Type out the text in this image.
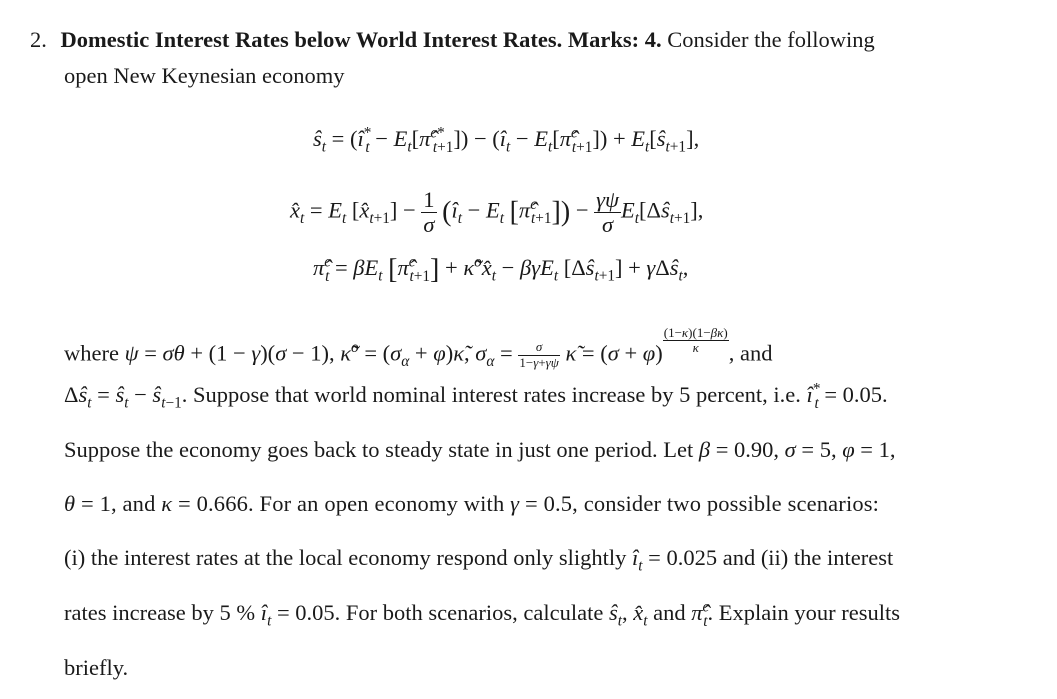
2. Domestic Interest Rates below World Interest Rates. Marks: 4. Consider the following
open New Keynesian economy
$ŝ_t$ = ($î^*_t$ − $E_t[\pî^{c*}_{t+1}]$) − ($î_t$ − $E_t[\pî^c_{t+1}]$) + $E_t[ŝ_{t+1}]$,
$x̂_t = E_t$ $[x̂_{t+1}] - \frac{1}{\sigma}$ ($î_t - E_t$ [π̂$^c_{t+1}$]) − $\frac{\gamma\psi}{\sigma}$ $E_t[\Delta ŝ_{t+1}]$,
π̂$^c_t$ = $\beta E_t$ [π̂$^c_{t+1}$] + $\kappã̃^ox̂_t - \beta\gamma E_t$ $[\Delta ŝ_{t+1}]$ + γΔŝ$_t$,
where ψ = σθ + (1 − γ)(σ − 1), κ̃̃$^o$ = ($\sigma_\alpha$ + φ)κ̃, $\sigma_\alpha = \frac{\sigma}{1-\gamma+\gamma\psi}$ κ̃ = $(\sigma + \varphi) \frac{(1-\kappa)(1-\beta\kappa)}{\kappa}$ , and
$\Delta ŝ_t$ = $ŝ_t$ − $ŝ_{t-1}$. Suppose that world nominal interest rates increase by 5 percent, i.e. $î^*_t = 0.05$.
Suppose the economy goes back to steady state in just one period. Let β = 0.90, σ = 5, φ = 1,
θ = 1, and κ = 0.666. For an open economy with γ = 0.5, consider two possible scenarios:
(i) the interest rates at the local economy respond only slightly $î_t = 0.025$ and (ii) the interest
rates increase by 5 % $î_t = 0.05$. For both scenarios, calculate $ŝ_t$, $x̂_t$ and π̂$^c_t$. Explain your results
briefly.
